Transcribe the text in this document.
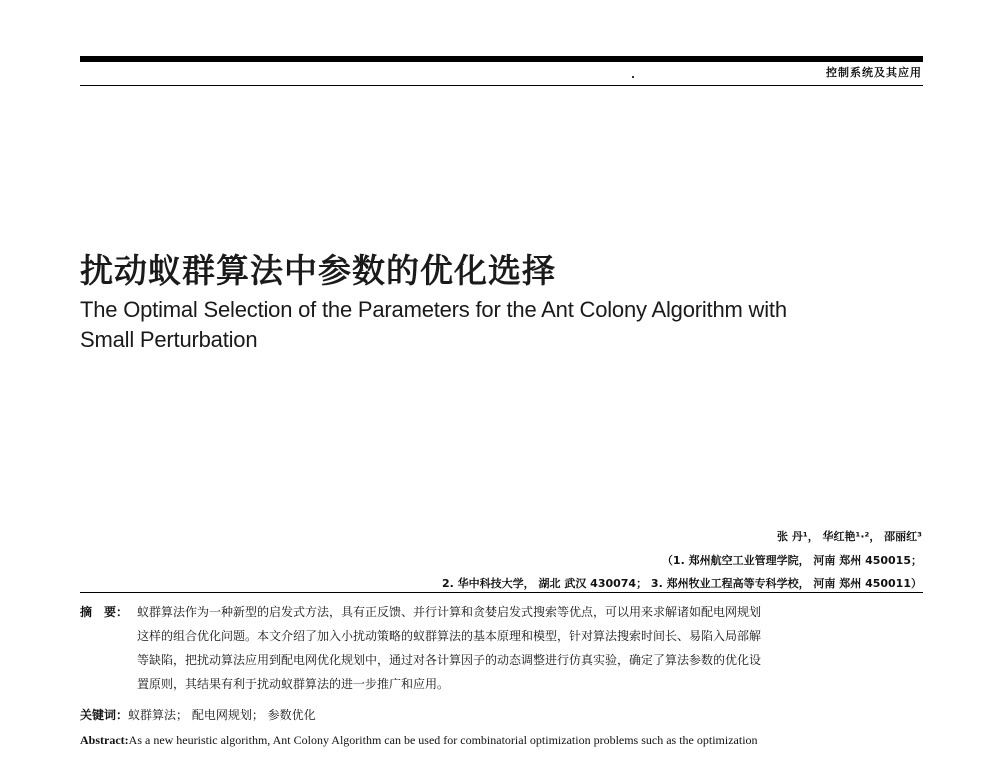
控制系统及其应用
扰动蚁群算法中参数的优化选择
The Optimal Selection of the Parameters for the Ant Colony Algorithm with
Small Perturbation
张 丹¹， 华红艳¹·²， 邵丽红³
（1. 郑州航空工业管理学院， 河南 郑州 450015；
2. 华中科技大学， 湖北 武汉 430074； 3. 郑州牧业工程高等专科学校， 河南 郑州 450011）
摘　要： 蚁群算法作为一种新型的启发式方法，具有正反馈、并行计算和贪婪启发式搜索等优点，可以用来求解诸如配电网规划
这样的组合优化问题。本文介绍了加入小扰动策略的蚁群算法的基本原理和模型，针对算法搜索时间长、易陷入局部解
等缺陷，把扰动算法应用到配电网优化规划中，通过对各计算因子的动态调整进行仿真实验，确定了算法参数的优化设
置原则，其结果有利于扰动蚁群算法的进一步推广和应用。
关键词：蚁群算法； 配电网规划； 参数优化
Abstract:As a new heuristic algorithm, Ant Colony Algorithm can be used for combinatorial optimization problems such as the optimization
